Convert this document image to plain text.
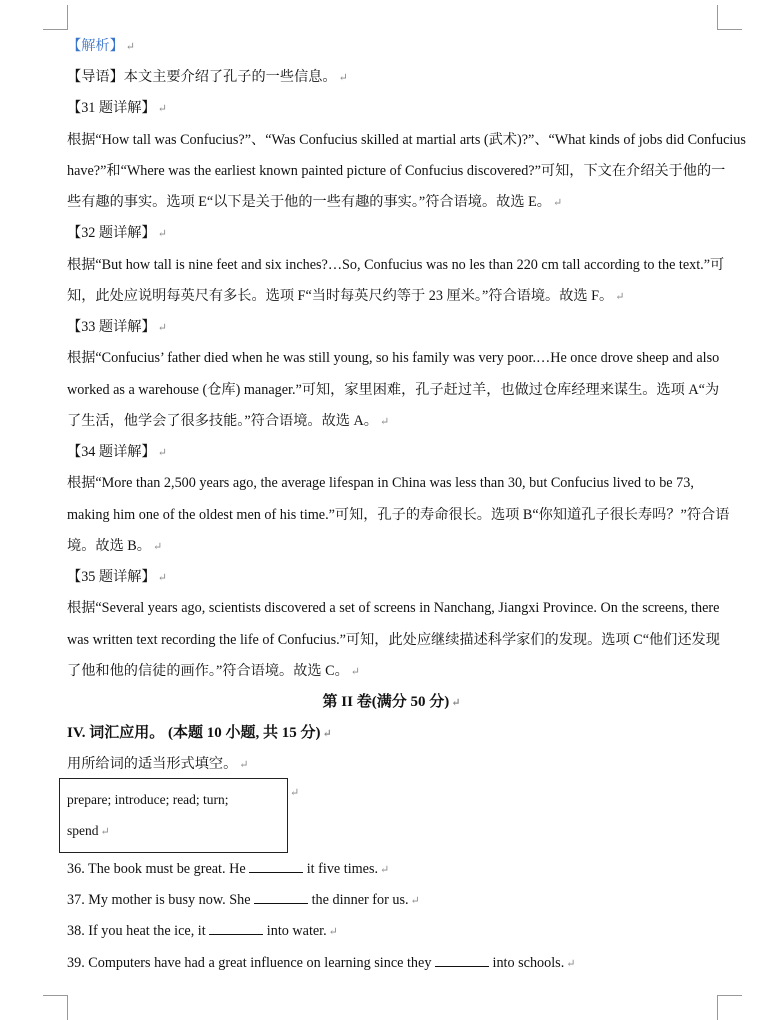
【解析】 ↵
【导语】本文主要介绍了孔子的一些信息。 ↵
【31 题详解】 ↵
根据“How tall was Confucius?”、“Was Confucius skilled at martial arts (武术)?”、“What kinds of jobs did Confucius
have?”和“Where was the earliest known painted picture of Confucius discovered?”可知，下文在介绍关于他的一
些有趣的事实。选项 E“以下是关于他的一些有趣的事实。”符合语境。故选 E。 ↵
【32 题详解】 ↵
根据“But how tall is nine feet and six inches?…So, Confucius was no les than 220 cm tall according to the text.”可
知，此处应说明每英尺有多长。选项 F“当时每英尺约等于 23 厘米。”符合语境。故选 F。 ↵
【33 题详解】 ↵
根据“Confucius’ father died when he was still young, so his family was very poor.…He once drove sheep and also
worked as a warehouse (仓库) manager.”可知，家里困难，孔子赶过羊，也做过仓库经理来谋生。选项 A“为
了生活，他学会了很多技能。”符合语境。故选 A。 ↵
【34 题详解】 ↵
根据“More than 2,500 years ago, the average lifespan in China was less than 30, but Confucius lived to be 73,
making him one of the oldest men of his time.”可知，孔子的寿命很长。选项 B“你知道孔子很长寿吗？”符合语
境。故选 B。 ↵
【35 题详解】 ↵
根据“Several years ago, scientists discovered a set of screens in Nanchang, Jiangxi Province. On the screens, there
was written text recording the life of Confucius.”可知，此处应继续描述科学家们的发现。选项 C“他们还发现
了他和他的信徒的画作。”符合语境。故选 C。 ↵
第 II 卷(满分 50 分) ↵
IV. 词汇应用。 (本题 10 小题, 共 15 分) ↵
用所给词的适当形式填空。 ↵
prepare; introduce; read; turn;
spend ↵
↵
36. The book must be great. He	it five times. ↵
37. My mother is busy now. She	the dinner for us. ↵
38. If you heat the ice, it	into water. ↵
39. Computers have had a great influence on learning since they	into schools. ↵
